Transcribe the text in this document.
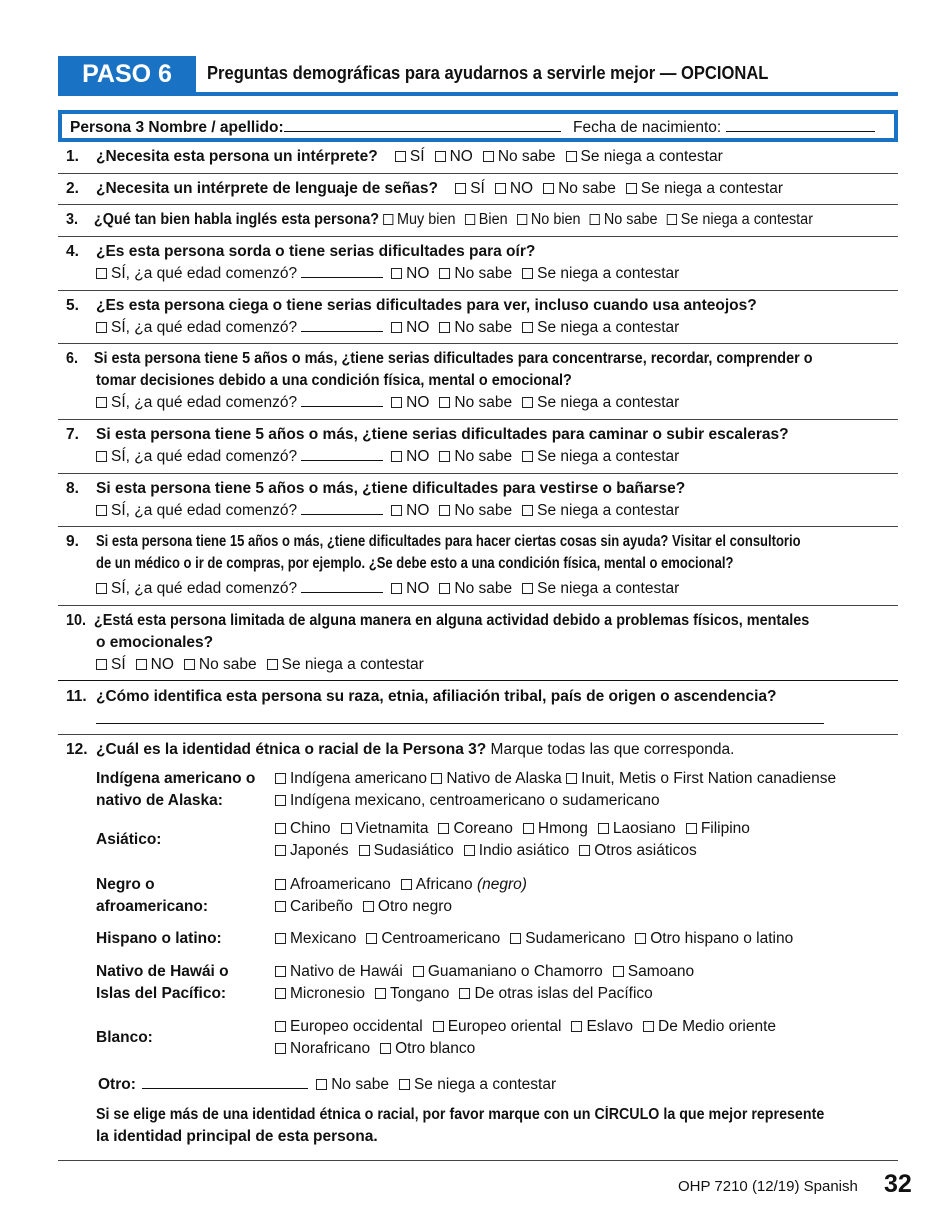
PASO 6	Preguntas demográficas para ayudarnos a servirle mejor — OPCIONAL
Persona 3 Nombre / apellido:	Fecha de nacimiento:
1. ¿Necesita esta persona un intérprete? SÍ NO No sabe Se niega a contestar
2. ¿Necesita un intérprete de lenguaje de señas? SÍ NO No sabe Se niega a contestar
3. ¿Qué tan bien habla inglés esta persona? Muy bien Bien No bien No sabe Se niega a contestar
4. ¿Es esta persona sorda o tiene serias dificultades para oír?
SÍ, ¿a qué edad comenzó?	NO No sabe Se niega a contestar
5. ¿Es esta persona ciega o tiene serias dificultades para ver, incluso cuando usa anteojos?
SÍ, ¿a qué edad comenzó?	NO No sabe Se niega a contestar
6. Si esta persona tiene 5 años o más, ¿tiene serias dificultades para concentrarse, recordar, comprender o
tomar decisiones debido a una condición física, mental o emocional?
SÍ, ¿a qué edad comenzó?	NO No sabe Se niega a contestar
7. Si esta persona tiene 5 años o más, ¿tiene serias dificultades para caminar o subir escaleras?
SÍ, ¿a qué edad comenzó?	NO No sabe Se niega a contestar
8. Si esta persona tiene 5 años o más, ¿tiene dificultades para vestirse o bañarse?
SÍ, ¿a qué edad comenzó?	NO No sabe Se niega a contestar
9. Si esta persona tiene 15 años o más, ¿tiene dificultades para hacer ciertas cosas sin ayuda? Visitar el consultorio
de un médico o ir de compras, por ejemplo. ¿Se debe esto a una condición física, mental o emocional?
SÍ, ¿a qué edad comenzó?	NO No sabe Se niega a contestar
10. ¿Está esta persona limitada de alguna manera en alguna actividad debido a problemas físicos, mentales
o emocionales?
SÍ NO No sabe Se niega a contestar
11. ¿Cómo identifica esta persona su raza, etnia, afiliación tribal, país de origen o ascendencia?
12. ¿Cuál es la identidad étnica o racial de la Persona 3? Marque todas las que corresponda.
Indígena americano o
nativo de Alaska:
Indígena americano Nativo de Alaska Inuit, Metis o First Nation canadiense
Indígena mexicano, centroamericano o sudamericano
Asiático:
Chino Vietnamita Coreano Hmong Laosiano Filipino
Japonés Sudasiático Indio asiático Otros asiáticos
Negro o
afroamericano:
Afroamericano Africano (negro)
Caribeño Otro negro
Hispano o latino:	Mexicano Centroamericano Sudamericano Otro hispano o latino
Nativo de Hawái o
Islas del Pacífico:
Nativo de Hawái Guamaniano o Chamorro Samoano
Micronesio Tongano De otras islas del Pacífico
Blanco:
Europeo occidental Europeo oriental Eslavo De Medio oriente
Norafricano Otro blanco
Otro:	No sabe Se niega a contestar
Si se elige más de una identidad étnica o racial, por favor marque con un CÍRCULO la que mejor represente
la identidad principal de esta persona.
OHP 7210 (12/19) Spanish 32
